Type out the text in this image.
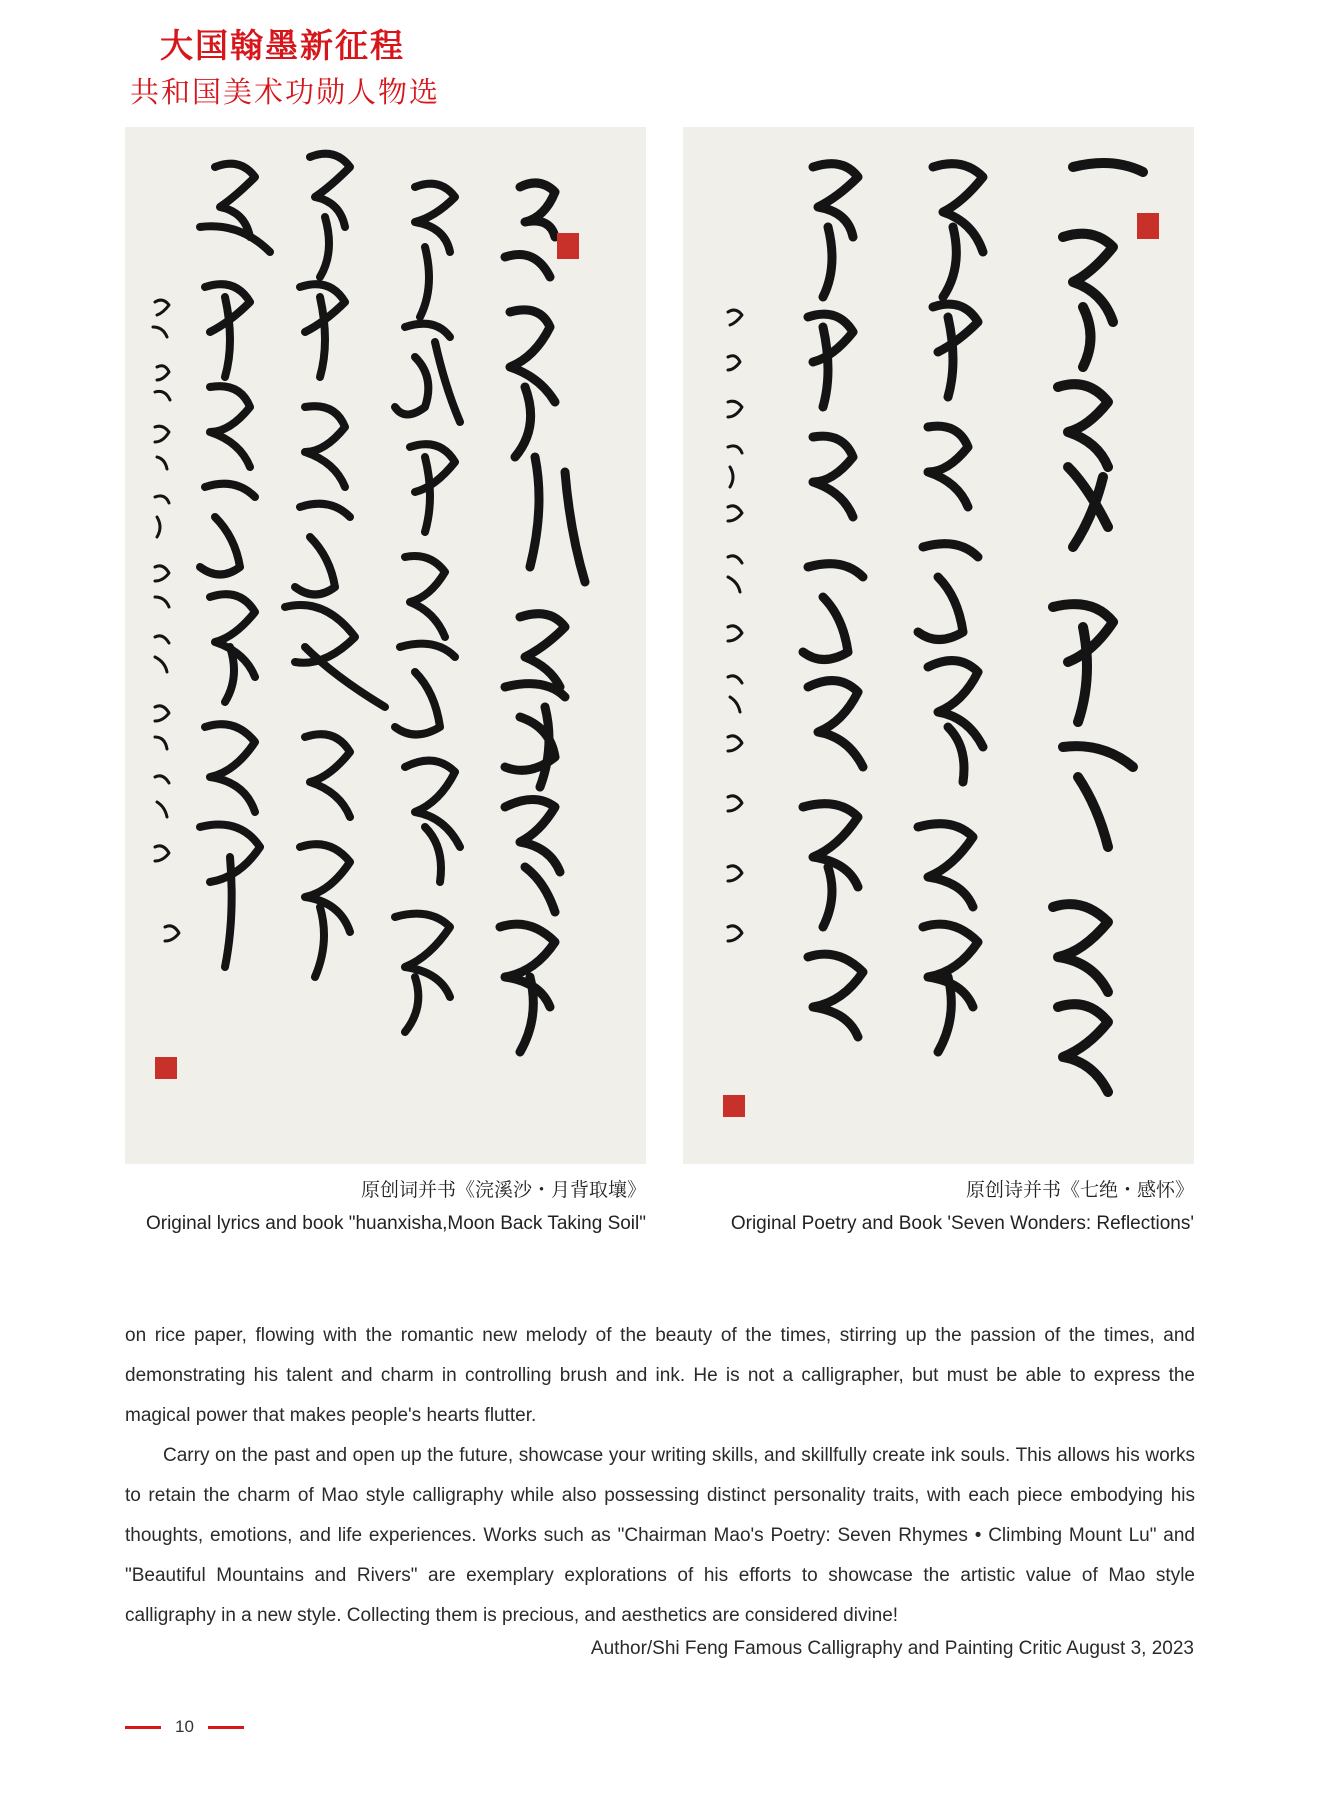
大国翰墨新征程
共和国美术功勋人物选
原创词并书《浣溪沙・月背取壤》
Original lyrics and book "huanxisha,Moon Back Taking Soil"
原创诗并书《七绝・感怀》
Original Poetry and Book 'Seven Wonders: Reflections'

on rice paper, flowing with the romantic new melody of the beauty of the times, stirring up the passion of the times, and demonstrating his talent and charm in controlling brush and ink. He is not a calligrapher, but must be able to express the magical power that makes people's hearts flutter.

Carry on the past and open up the future, showcase your writing skills, and skillfully create ink souls. This allows his works to retain the charm of Mao style calligraphy while also possessing distinct personality traits, with each piece embodying his thoughts, emotions, and life experiences. Works such as "Chairman Mao's Poetry: Seven Rhymes • Climbing Mount Lu" and "Beautiful Mountains and Rivers" are exemplary explorations of his efforts to showcase the artistic value of Mao style calligraphy in a new style. Collecting them is precious, and aesthetics are considered divine!

Author/Shi Feng Famous Calligraphy and Painting Critic August 3, 2023
10
